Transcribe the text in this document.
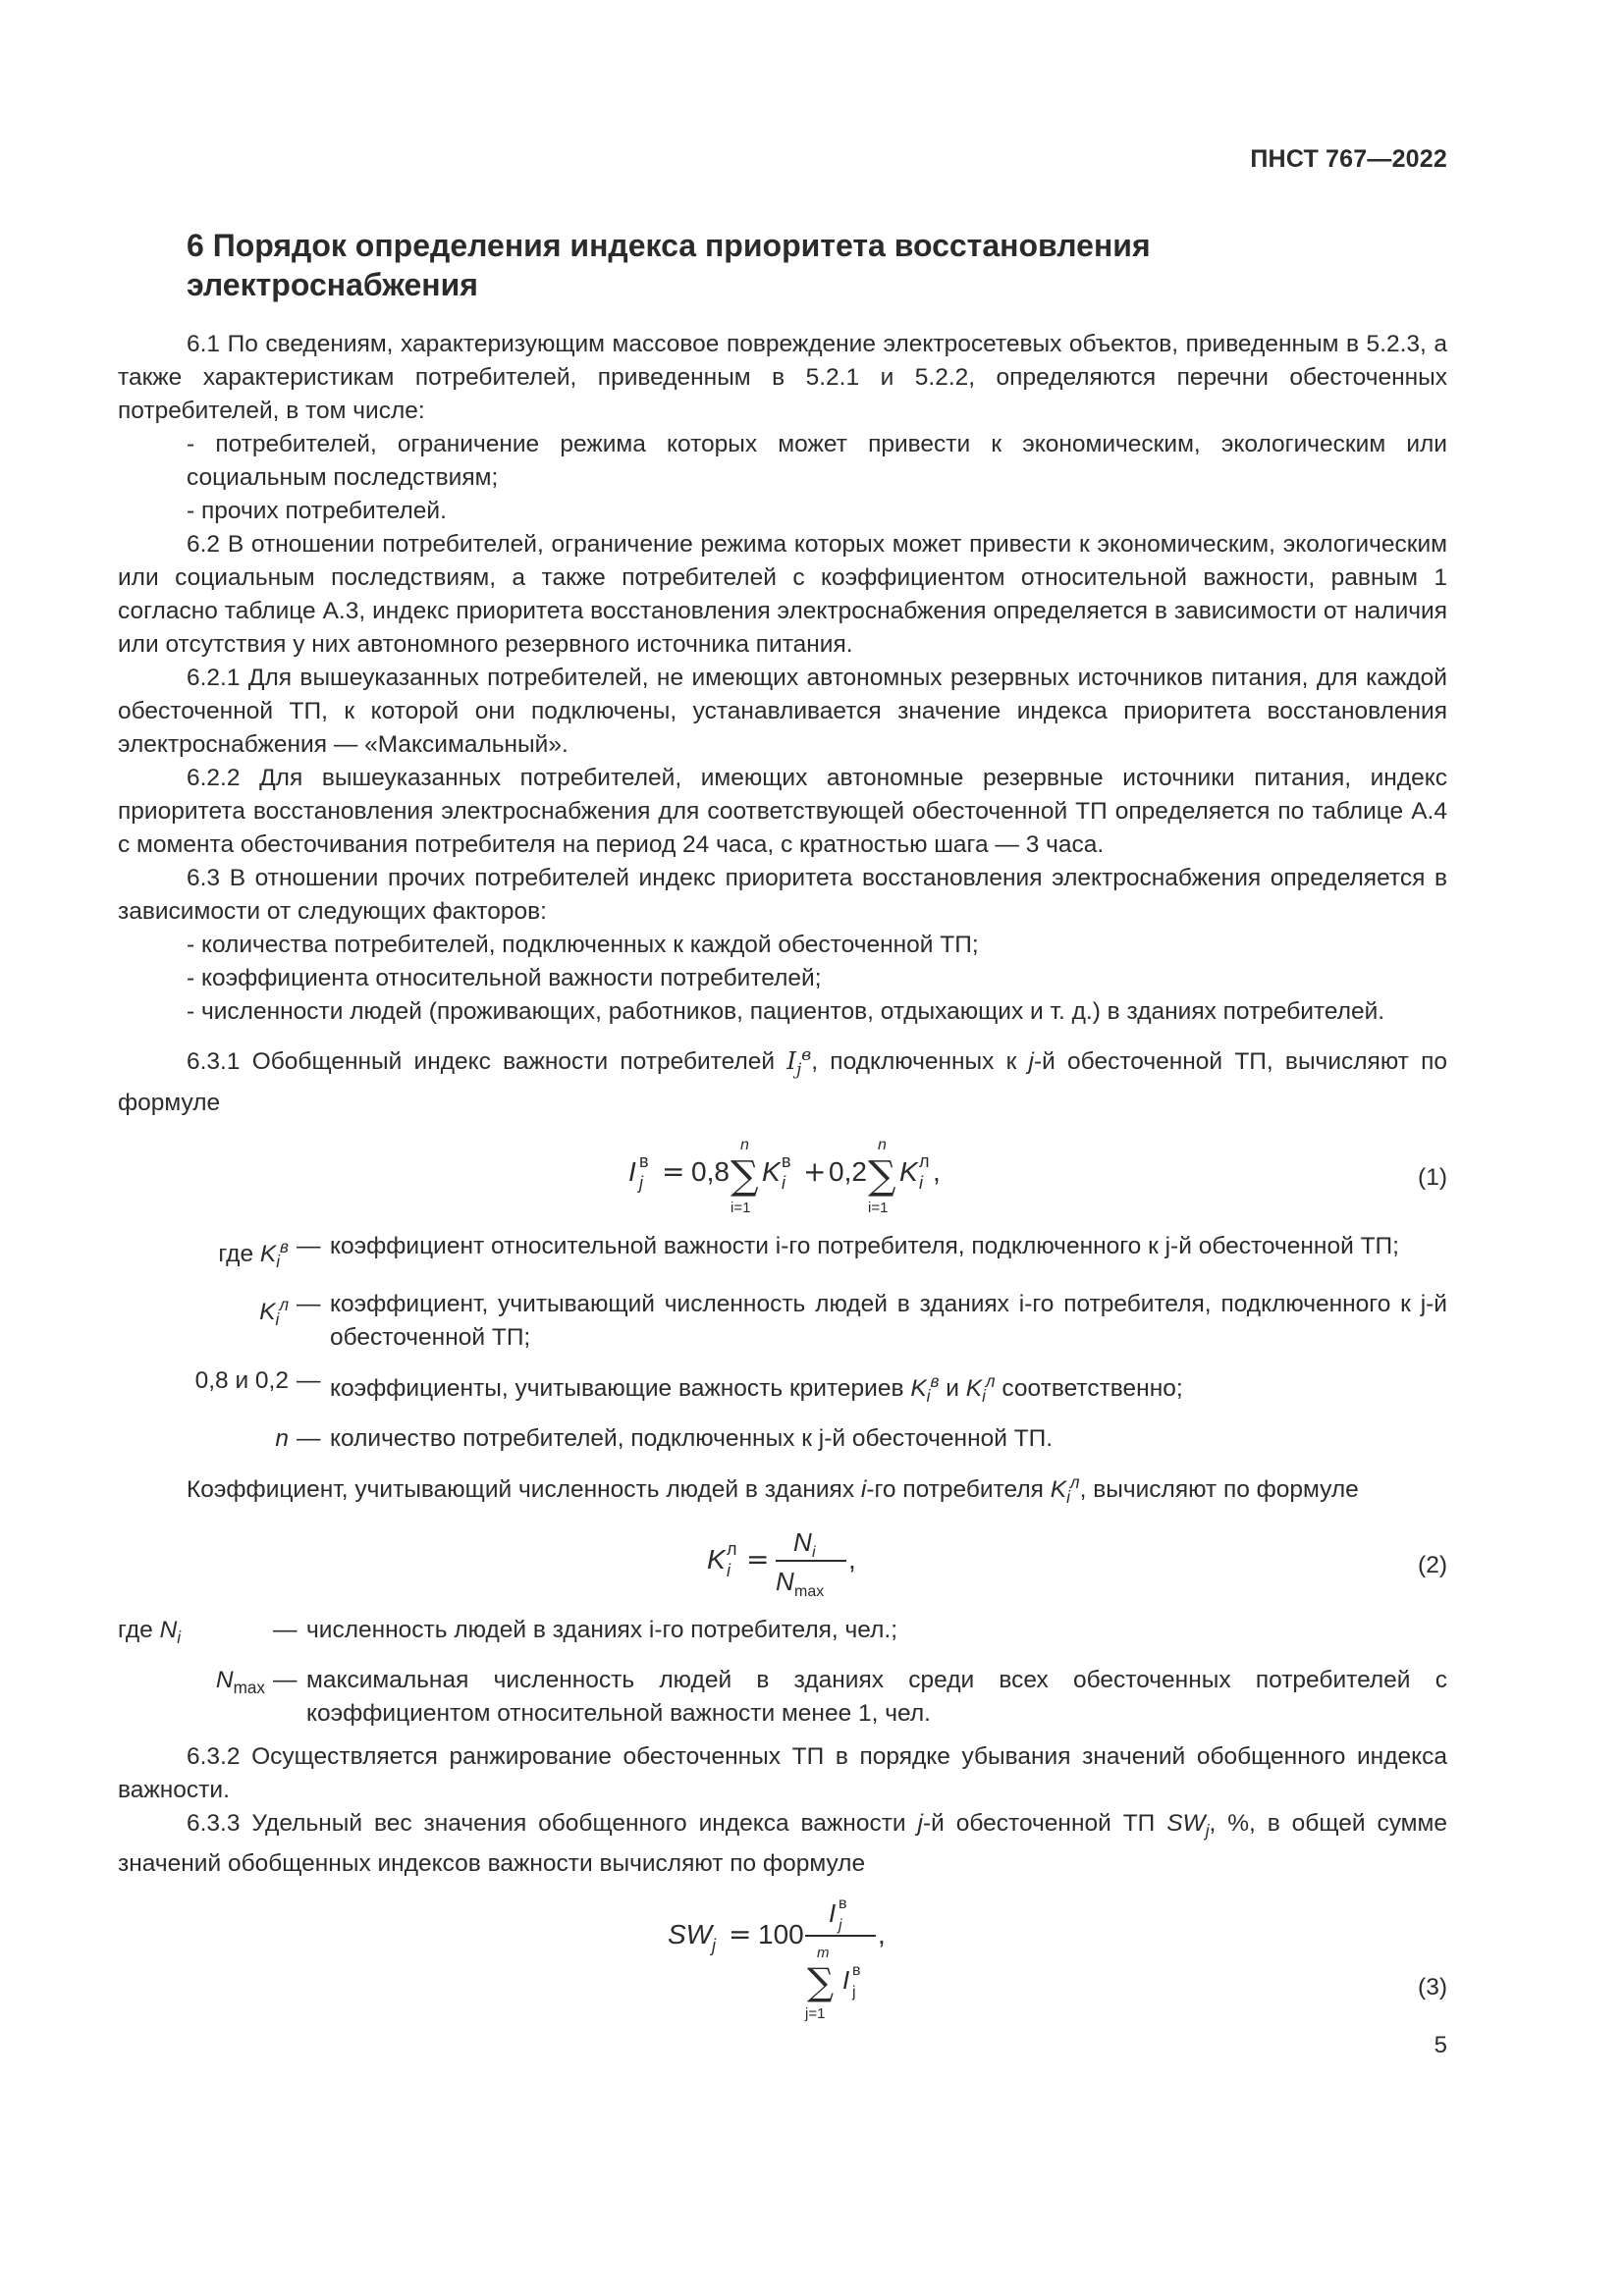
ПНСТ 767—2022
6 Порядок определения индекса приоритета восстановления электроснабжения

6.1 По сведениям, характеризующим массовое повреждение электросетевых объектов, приведенным в 5.2.3, а также характеристикам потребителей, приведенным в 5.2.1 и 5.2.2, определяются перечни обесточенных потребителей, в том числе:

- потребителей, ограничение режима которых может привести к экономическим, экологическим или социальным последствиям;

- прочих потребителей.

6.2 В отношении потребителей, ограничение режима которых может привести к экономическим, экологическим или социальным последствиям, а также потребителей с коэффициентом относительной важности, равным 1 согласно таблице А.3, индекс приоритета восстановления электроснабжения определяется в зависимости от наличия или отсутствия у них автономного резервного источника питания.

6.2.1 Для вышеуказанных потребителей, не имеющих автономных резервных источников питания, для каждой обесточенной ТП, к которой они подключены, устанавливается значение индекса приоритета восстановления электроснабжения — «Максимальный».

6.2.2 Для вышеуказанных потребителей, имеющих автономные резервные источники питания, индекс приоритета восстановления электроснабжения для соответствующей обесточенной ТП определяется по таблице А.4 с момента обесточивания потребителя на период 24 часа, с кратностью шага — 3 часа.

6.3 В отношении прочих потребителей индекс приоритета восстановления электроснабжения определяется в зависимости от следующих факторов:

- количества потребителей, подключенных к каждой обесточенной ТП;

- коэффициента относительной важности потребителей;

- численности людей (проживающих, работников, пациентов, отдыхающих и т. д.) в зданиях потребителей.

6.3.1 Обобщенный индекс важности потребителей $I_j^в$, подключенных к j-й обесточенной ТП, вычисляют по формуле

I j
в = 0,8 ∑
n
i=1
K i
в + 0,2 ∑
n
i=1
K i
л ,	(1)
где $K_i^в$ — коэффициент относительной важности i-го потребителя, подключенного к j-й обесточенной ТП;
$K_i^л$ — коэффициент, учитывающий численность людей в зданиях i-го потребителя, подключенного к j-й обесточенной ТП;
0,8 и 0,2 — коэффициенты, учитывающие важность критериев $K_i^в$ и $K_i^л$ соответственно;
n — количество потребителей, подключенных к j-й обесточенной ТП.

Коэффициент, учитывающий численность людей в зданиях i-го потребителя $K_i^л$, вычисляют по формуле

K i
л =
N i
N max
,	(2)
где $N_i$	— численность людей в зданиях i-го потребителя, чел.;
$N_{max}$ — максимальная численность людей в зданиях среди всех обесточенных потребителей с коэффициентом относительной важности менее 1, чел.

6.3.2 Осуществляется ранжирование обесточенных ТП в порядке убывания значений обобщенного индекса важности.

6.3.3 Удельный вес значения обобщенного индекса важности j-й обесточенной ТП $SW_j$, %, в общей сумме значений обобщенных индексов важности вычисляют по формуле

SW j = 100
I j
в
∑
m
j=1
I j
в
,
(3)
5
